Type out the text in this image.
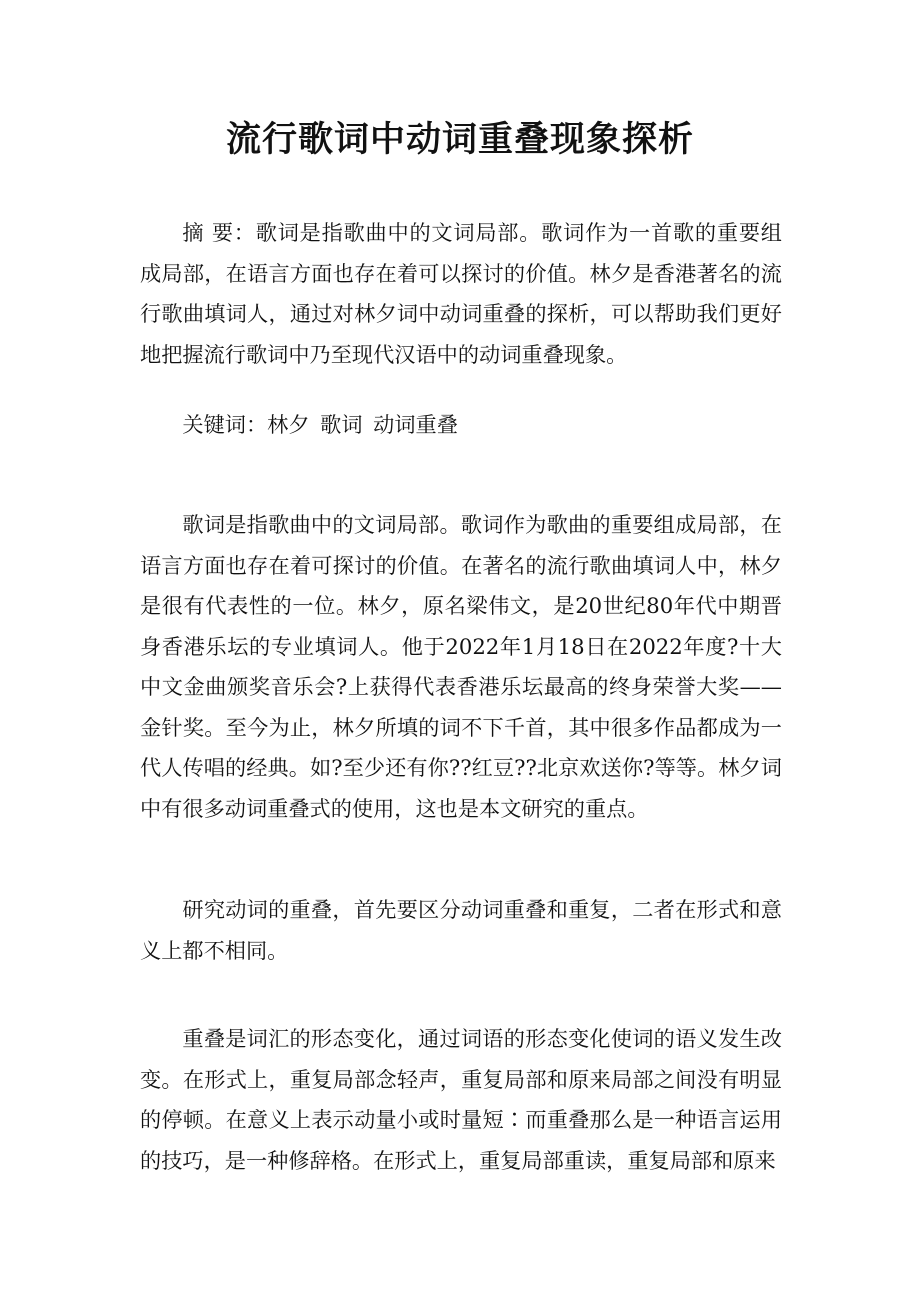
流行歌词中动词重叠现象探析

摘 要：歌词是指歌曲中的文词局部。歌词作为一首歌的重要组成局部，在语言方面也存在着可以探讨的价值。林夕是香港著名的流行歌曲填词人，通过对林夕词中动词重叠的探析，可以帮助我们更好地把握流行歌词中乃至现代汉语中的动词重叠现象。

关键词：林夕 歌词 动词重叠

歌词是指歌曲中的文词局部。歌词作为歌曲的重要组成局部，在语言方面也存在着可探讨的价值。在著名的流行歌曲填词人中，林夕是很有代表性的一位。林夕，原名梁伟文，是20世纪80年代中期晋身香港乐坛的专业填词人。他于2022年1月18日在2022年度?十大中文金曲颁奖音乐会?上获得代表香港乐坛最高的终身荣誉大奖——金针奖。至今为止，林夕所填的词不下千首，其中很多作品都成为一代人传唱的经典。如?至少还有你??红豆??北京欢送你?等等。林夕词中有很多动词重叠式的使用，这也是本文研究的重点。

研究动词的重叠，首先要区分动词重叠和重复，二者在形式和意义上都不相同。

重叠是词汇的形态变化，通过词语的形态变化使词的语义发生改变。在形式上，重复局部念轻声，重复局部和原来局部之间没有明显的停顿。在意义上表示动量小或时量短∶而重叠那么是一种语言运用的技巧，是一种修辞格。在形式上，重复局部重读，重复局部和原来
